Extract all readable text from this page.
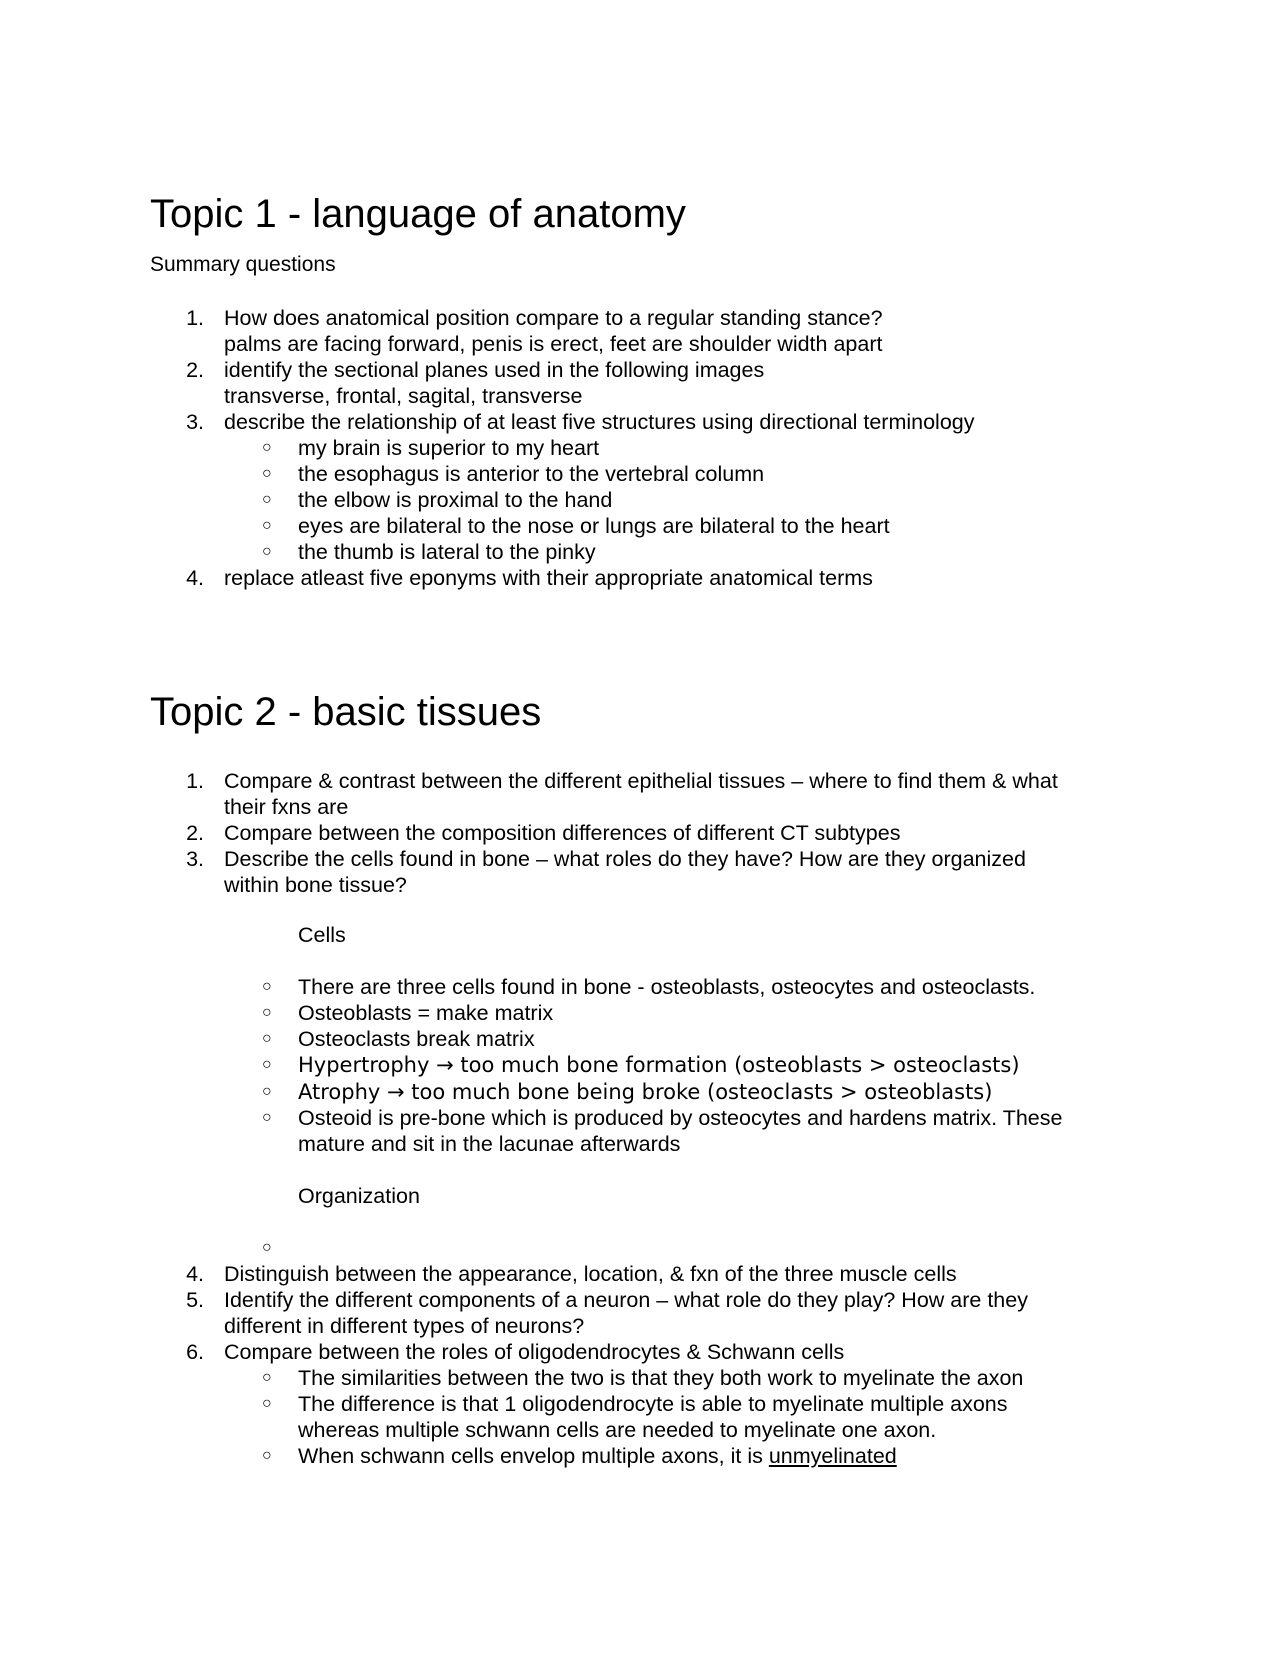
Topic 1 - language of anatomy
Summary questions
1. How does anatomical position compare to a regular standing stance?
palms are facing forward, penis is erect, feet are shoulder width apart
2. identify the sectional planes used in the following images
transverse, frontal, sagital, transverse
3. describe the relationship of at least five structures using directional terminology
○ my brain is superior to my heart
○ the esophagus is anterior to the vertebral column
○ the elbow is proximal to the hand
○ eyes are bilateral to the nose or lungs are bilateral to the heart
○ the thumb is lateral to the pinky
4. replace atleast five eponyms with their appropriate anatomical terms
Topic 2 - basic tissues
1. Compare & contrast between the different epithelial tissues – where to find them & what
their fxns are
2. Compare between the composition differences of different CT subtypes
3. Describe the cells found in bone – what roles do they have? How are they organized
within bone tissue?
Cells
○ There are three cells found in bone - osteoblasts, osteocytes and osteoclasts.
○ Osteoblasts = make matrix
○ Osteoclasts break matrix
○ Hypertrophy → too much bone formation (osteoblasts > osteoclasts)
○ Atrophy → too much bone being broke (osteoclasts > osteoblasts)
○ Osteoid is pre-bone which is produced by osteocytes and hardens matrix. These
mature and sit in the lacunae afterwards
Organization
○
4. Distinguish between the appearance, location, & fxn of the three muscle cells
5. Identify the different components of a neuron – what role do they play? How are they
different in different types of neurons?
6. Compare between the roles of oligodendrocytes & Schwann cells
○ The similarities between the two is that they both work to myelinate the axon
○ The difference is that 1 oligodendrocyte is able to myelinate multiple axons
whereas multiple schwann cells are needed to myelinate one axon.
○ When schwann cells envelop multiple axons, it is unmyelinated
